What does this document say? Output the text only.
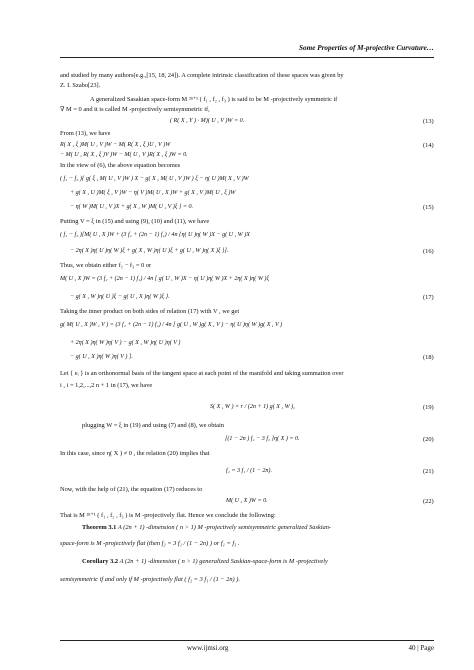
Some Properties of M-projective Curvature…
and studied by many authors(e.g.,[15, 18, 24]). A complete intrinsic classification of these spaces was given by
Z. I. Szabo[23].
A generalized Sasakian space-form M ²ⁿ⁺¹ ( f₁ , f₂ , f₃ ) is said to be M -projectively symmetric if
∇ M = 0 and it is called M -projectively semisymmetric if,
( R( X , Y ) · M)( U , V )W = 0.	(13)
From (13), we have
R( X , ξ )M( U , V )W − M( R( X , ξ )U , V )W	(14)
− M( U , R( X , ξ )V )W − M( U , V )R( X , ξ )W = 0.
In the view of (6), the above equation becomes
( f₁ − f₃ ){ g( ξ , M( U , V )W ) X − g( X , M( U , V )W ) ξ − η( U )M( X , V )W
+ g( X , U )M( ξ , V )W − η( V )M( U , X )W + g( X , V )M( U , ξ )W
− η( W )M( U , V )X + g( X , W )M( U , V )ξ } = 0.	(15)
Putting V = ξ in (15) and using (9), (10) and (11), we have
( f₁ − f₃ )[M( U , X )W + (3 f₂ + (2n − 1) f₁) / 4n {η( U )η( W )X − g( U , W )X
− 2η( X )η( U )η( W )ξ + g( X , W )η( U )ξ + g( U , W )η( X )ξ }].	(16)
Thus, we obtain either f₁ − f₃ = 0 or
M( U , X )W = (3 f₂ + (2n − 1) f₁) / 4n [ g( U , W )X − η( U )η( W )X + 2η( X )η( W )ξ
− g( X , W )η( U )ξ − g( U , X )η( W )ξ }.	(17)
Taking the inner product on both sides of relation (17) with V , we get
g( M( U , X )W , V ) = (3 f₂ + (2n − 1) f₁) / 4n [ g( U , W )g( X , V ) − η( U )η( W )g( X , V )
+ 2η( X )η( W )η( V ) − g( X , W )η( U )η( V )
− g( U , X )η( W )η( V ) ].	(18)
Let { eᵢ } is an orthonormal basis of the tangent space at each point of the manifold and taking summation over
i , i = 1,2,...,2 n + 1 in (17), we have
S( X , W ) = r / (2n + 1) g( X , W ),	(19)
plugging W = ξ in (19) and using (7) and (8), we obtain
[(1 − 2n ) f₁ − 3 f₂ ]η( X ) = 0.	(20)
In this case, since η( X ) ≠ 0 , the relation (20) implies that
f₂ = 3 f₁ / (1 − 2n).	(21)
Now, with the help of (21), the equation (17) reduces to
M( U , X )W = 0.	(22)
That is M ²ⁿ⁺¹ ( f₁ , f₂ , f₃ ) is M -projectively flat. Hence we conclude the following:
Theorem 3.1 A (2n + 1) -dimension ( n > 1) M -projectively semisymmetric generalized Saskian-
space-form is M -projectively flat (then f₂ = 3 f₁ / (1 − 2n) ) or f₁ = f₃ .
Corollary 3.2 A (2n + 1) -dimension ( n > 1) generalized Saskian-space-form is M -projectively
semisymmetric if and only if M -projectively flat ( f₂ = 3 f₁ / (1 − 2n) ).
www.ijmsi.org	40 | Page
